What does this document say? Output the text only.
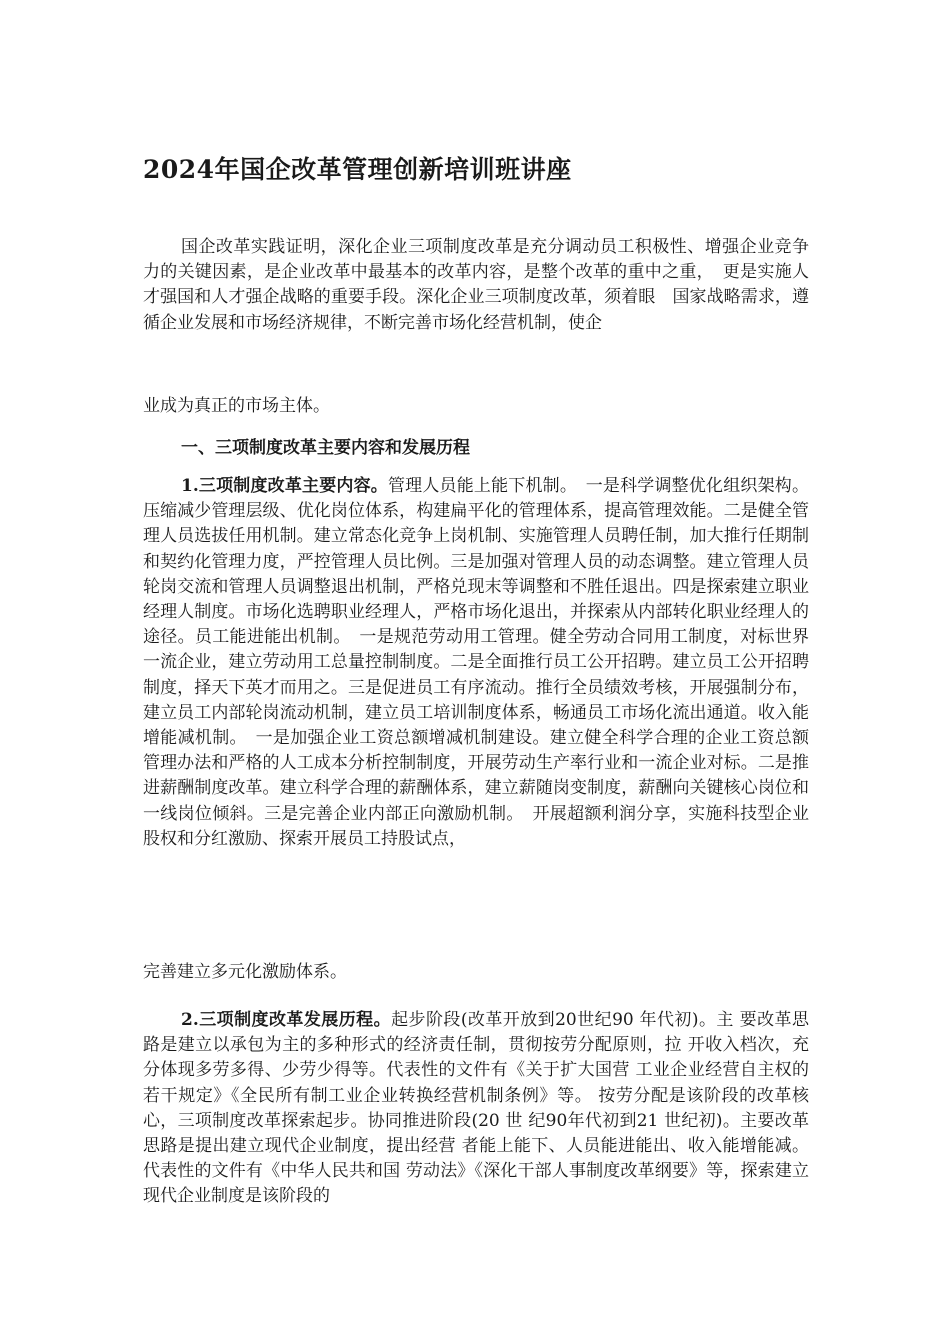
2024年国企改革管理创新培训班讲座

国企改革实践证明，深化企业三项制度改革是充分调动员工积极性、增强企业竞争力的关键因素，是企业改革中最基本的改革内容，是整个改革的重中之重，　更是实施人才强国和人才强企战略的重要手段。深化企业三项制度改革，须着眼　国家战略需求，遵循企业发展和市场经济规律，不断完善市场化经营机制，使企

业成为真正的市场主体。

一、三项制度改革主要内容和发展历程

1.三项制度改革主要内容。管理人员能上能下机制。　一是科学调整优化组织架构。压缩减少管理层级、优化岗位体系，构建扁平化的管理体系，提高管理效能。二是健全管理人员选拔任用机制。建立常态化竞争上岗机制、实施管理人员聘任制，加大推行任期制和契约化管理力度，严控管理人员比例。三是加强对管理人员的动态调整。建立管理人员轮岗交流和管理人员调整退出机制，严格兑现末等调整和不胜任退出。四是探索建立职业经理人制度。市场化选聘职业经理人，严格市场化退出，并探索从内部转化职业经理人的途径。员工能进能出机制。　一是规范劳动用工管理。健全劳动合同用工制度，对标世界一流企业，建立劳动用工总量控制制度。二是全面推行员工公开招聘。建立员工公开招聘制度，择天下英才而用之。三是促进员工有序流动。推行全员绩效考核，开展强制分布，建立员工内部轮岗流动机制，建立员工培训制度体系，畅通员工市场化流出通道。收入能增能减机制。　一是加强企业工资总额增减机制建设。建立健全科学合理的企业工资总额管理办法和严格的人工成本分析控制制度，开展劳动生产率行业和一流企业对标。二是推进薪酬制度改革。建立科学合理的薪酬体系，建立薪随岗变制度，薪酬向关键核心岗位和一线岗位倾斜。三是完善企业内部正向激励机制。　开展超额利润分享，实施科技型企业股权和分红激励、探索开展员工持股试点，

完善建立多元化激励体系。

2.三项制度改革发展历程。起步阶段(改革开放到20世纪90 年代初)。主 要改革思路是建立以承包为主的多种形式的经济责任制，贯彻按劳分配原则，拉 开收入档次，充分体现多劳多得、少劳少得等。代表性的文件有《关于扩大国营 工业企业经营自主权的若干规定》《全民所有制工业企业转换经营机制条例》等。 按劳分配是该阶段的改革核心，三项制度改革探索起步。协同推进阶段(20 世 纪90年代初到21 世纪初)。主要改革思路是提出建立现代企业制度，提出经营 者能上能下、人员能进能出、收入能增能减。代表性的文件有《中华人民共和国 劳动法》《深化干部人事制度改革纲要》等，探索建立现代企业制度是该阶段的
